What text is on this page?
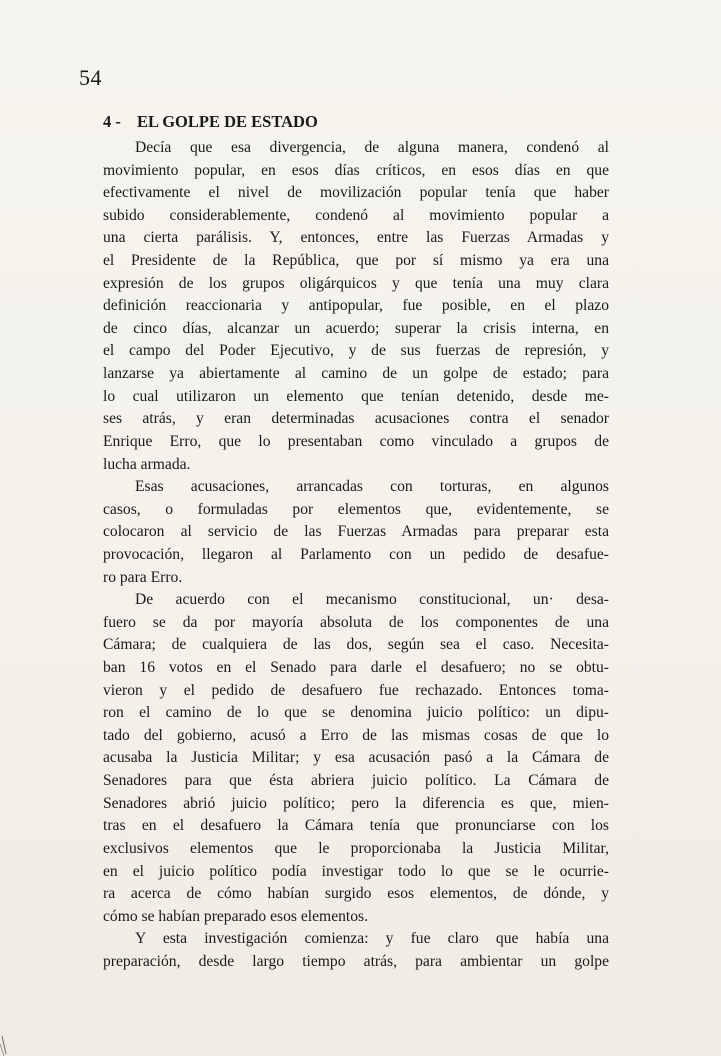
54
4 - EL GOLPE DE ESTADO
Decía que esa divergencia, de alguna manera, condenó al
movimiento popular, en esos días críticos, en esos días en que
efectivamente el nivel de movilización popular tenía que haber
subido considerablemente, condenó al movimiento popular a
una cierta parálisis. Y, entonces, entre las Fuerzas Armadas y
el Presidente de la República, que por sí mismo ya era una
expresión de los grupos oligárquicos y que tenía una muy clara
definición reaccionaria y antipopular, fue posible, en el plazo
de cinco días, alcanzar un acuerdo; superar la crisis interna, en
el campo del Poder Ejecutivo, y de sus fuerzas de represión, y
lanzarse ya abiertamente al camino de un golpe de estado; para
lo cual utilizaron un elemento que tenían detenido, desde me-
ses atrás, y eran determinadas acusaciones contra el senador
Enrique Erro, que lo presentaban como vinculado a grupos de
lucha armada.
Esas acusaciones, arrancadas con torturas, en algunos
casos, o formuladas por elementos que, evidentemente, se
colocaron al servicio de las Fuerzas Armadas para preparar esta
provocación, llegaron al Parlamento con un pedido de desafue-
ro para Erro.
De acuerdo con el mecanismo constitucional, un· desa-
fuero se da por mayoría absoluta de los componentes de una
Cámara; de cualquiera de las dos, según sea el caso. Necesita-
ban 16 votos en el Senado para darle el desafuero; no se obtu-
vieron y el pedido de desafuero fue rechazado. Entonces toma-
ron el camino de lo que se denomina juicio político: un dipu-
tado del gobierno, acusó a Erro de las mismas cosas de que lo
acusaba la Justicia Militar; y esa acusación pasó a la Cámara de
Senadores para que ésta abriera juicio político. La Cámara de
Senadores abrió juicio político; pero la diferencia es que, mien-
tras en el desafuero la Cámara tenía que pronunciarse con los
exclusivos elementos que le proporcionaba la Justicia Militar,
en el juicio político podía investigar todo lo que se le ocurrie-
ra acerca de cómo habían surgido esos elementos, de dónde, y
cómo se habían preparado esos elementos.
Y esta investigación comienza: y fue claro que había una
preparación, desde largo tiempo atrás, para ambientar un golpe
